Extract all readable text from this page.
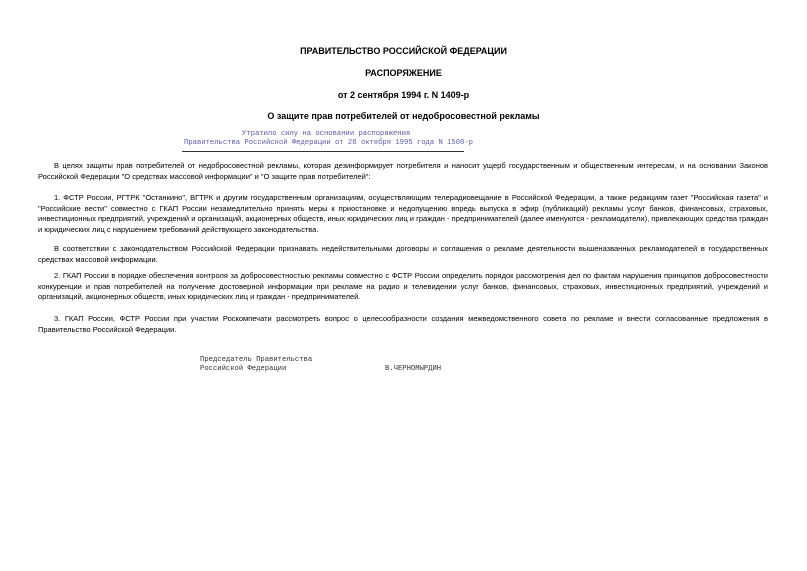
ПРАВИТЕЛЬСТВО РОССИЙСКОЙ ФЕДЕРАЦИИ
РАСПОРЯЖЕНИЕ
от 2 сентября 1994 г. N 1409-р
О защите прав потребителей от недобросовестной рекламы
Утратило силу на основании распоряжения
Правительства Российской Федерации от 28 октября 1995 года N 1508-р
В целях защиты прав потребителей от недобросовестной рекламы, которая дезинформирует потребителя и наносит ущерб государственным и общественным интересам, и на основании Законов Российской Федерации "О средствах массовой информации" и "О защите прав потребителей":
1. ФСТР России, РГТРК "Останкино", ВГТРК и другим государственным организациям, осуществляющим телерадиовещание в Российской Федерации, а также редакциям газет "Российская газета" и "Российские вести" совместно с ГКАП России незамедлительно принять меры к приостановке и недопущению впредь выпуска в эфир (публикаций) рекламы услуг банков, финансовых, страховых, инвестиционных предприятий, учреждений и организаций, акционерных обществ, иных юридических лиц и граждан - предпринимателей (далее именуются - рекламодатели), привлекающих средства граждан и юридических лиц с нарушением требований действующего законодательства.
В соответствии с законодательством Российской Федерации признавать недействительными договоры и соглашения о рекламе деятельности вышеназванных рекламодателей в государственных средствах массовой информации.
2. ГКАП России в порядке обеспечения контроля за добросовестностью рекламы совместно с ФСТР России определить порядок рассмотрения дел по фактам нарушения принципов добросовестности конкуренции и прав потребителей на получение достоверной информации при рекламе на радио и телевидении услуг банков, финансовых, страховых, инвестиционных предприятий, учреждений и организаций, акционерных обществ, иных юридических лиц и граждан - предпринимателей.
3. ГКАП России, ФСТР России при участии Роскомпечати рассмотреть вопрос о целесообразности создания межведомственного совета по рекламе и внести согласованные предложения в Правительство Российской Федерации.
Председатель Правительства
Российской Федерации	В.ЧЕРНОМЫРДИН
